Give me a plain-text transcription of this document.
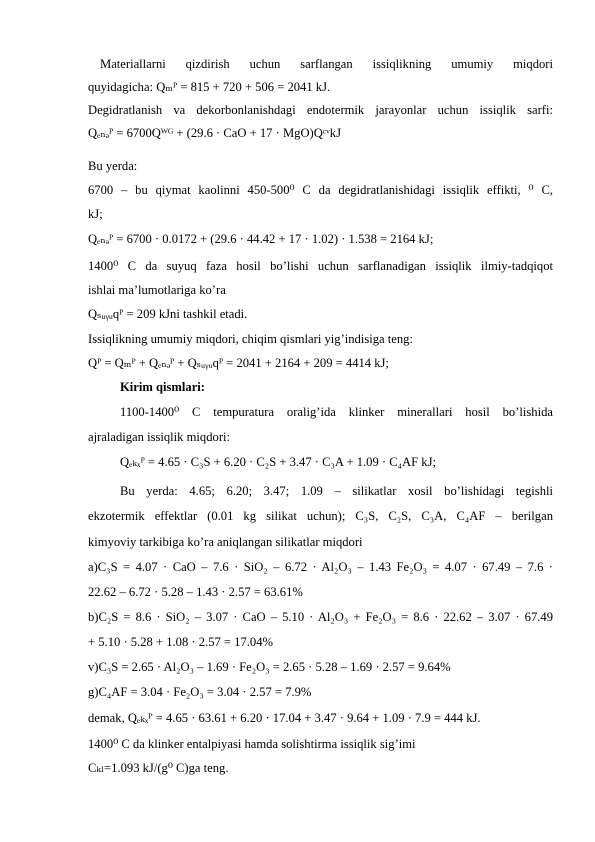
Materiallarni qizdirish uchun sarflangan issiqlikning umumiy miqdori
quyidagicha: Qₘᴾ = 815 + 720 + 506 = 2041 kJ.
Degidratlanish va dekorbonlanishdagi endotermik jarayonlar uchun issiqlik sarfi:
Qₑₙₔᴾ = 6700Qᵂᴳ + (29.6 · CaO + 17 · MgO)QᶜᵛkJ
Bu yerda:
6700 – bu qiymat kaolinni 450-500⁰ C da degidratlanishidagi issiqlik effikti, ⁰ C,
kJ;
Qₑₙₔᴾ = 6700 · 0.0172 + (29.6 · 44.42 + 17 · 1.02) · 1.538 = 2164 kJ;
1400⁰ C da suyuq faza hosil bo’lishi uchun sarflanadigan issiqlik ilmiy-tadqiqot
ishlai ma’lumotlariga ko’ra
Qₛᵤᵧᵤqᴾ = 209 kJni tashkil etadi.
Issiqlikning umumiy miqdori, chiqim qismlari yig’indisiga teng:
Qᴾ = Qₘᴾ + Qₑₙₔᴾ + Qₛᵤᵧᵤqᴾ = 2041 + 2164 + 209 = 4414 kJ;
Kirim qismlari:
1100-1400⁰ C tempuratura oralig’ida klinker minerallari hosil bo’lishida
ajraladigan issiqlik miqdori:
Qₑₖₓᴾ = 4.65 · C₃S + 6.20 · C₂S + 3.47 · C₃A + 1.09 · C₄AF kJ;
Bu yerda: 4.65; 6.20; 3.47; 1.09 – silikatlar xosil bo’lishidagi tegishli
ekzotermik effektlar (0.01 kg silikat uchun); C₃S, C₂S, C₃A, C₄AF – berilgan
kimyoviy tarkibiga ko’ra aniqlangan silikatlar miqdori
a)C₃S = 4.07 · CaO – 7.6 · SiO₂ – 6.72 · Al₂O₃ – 1.43 Fe₂O₃ = 4.07 · 67.49 – 7.6 ·
22.62 – 6.72 · 5.28 – 1.43 · 2.57 = 63.61%
b)C₂S = 8.6 · SiO₂ – 3.07 · CaO – 5.10 · Al₂O₃ + Fe₂O₃ = 8.6 · 22.62 – 3.07 · 67.49
+ 5.10 · 5.28 + 1.08 · 2.57 = 17.04%
v)C₃S = 2.65 · Al₂O₃ – 1.69 · Fe₂O₃ = 2.65 · 5.28 – 1.69 · 2.57 = 9.64%
g)C₄AF = 3.04 · Fe₂O₃ = 3.04 · 2.57 = 7.9%
demak, Qₑₖₓᴾ = 4.65 · 63.61 + 6.20 · 17.04 + 3.47 · 9.64 + 1.09 · 7.9 = 444 kJ.
1400⁰ C da klinker entalpiyasi hamda solishtirma issiqlik sig’imi
Cₖₗ=1.093 kJ/(g⁰ C)ga teng.
